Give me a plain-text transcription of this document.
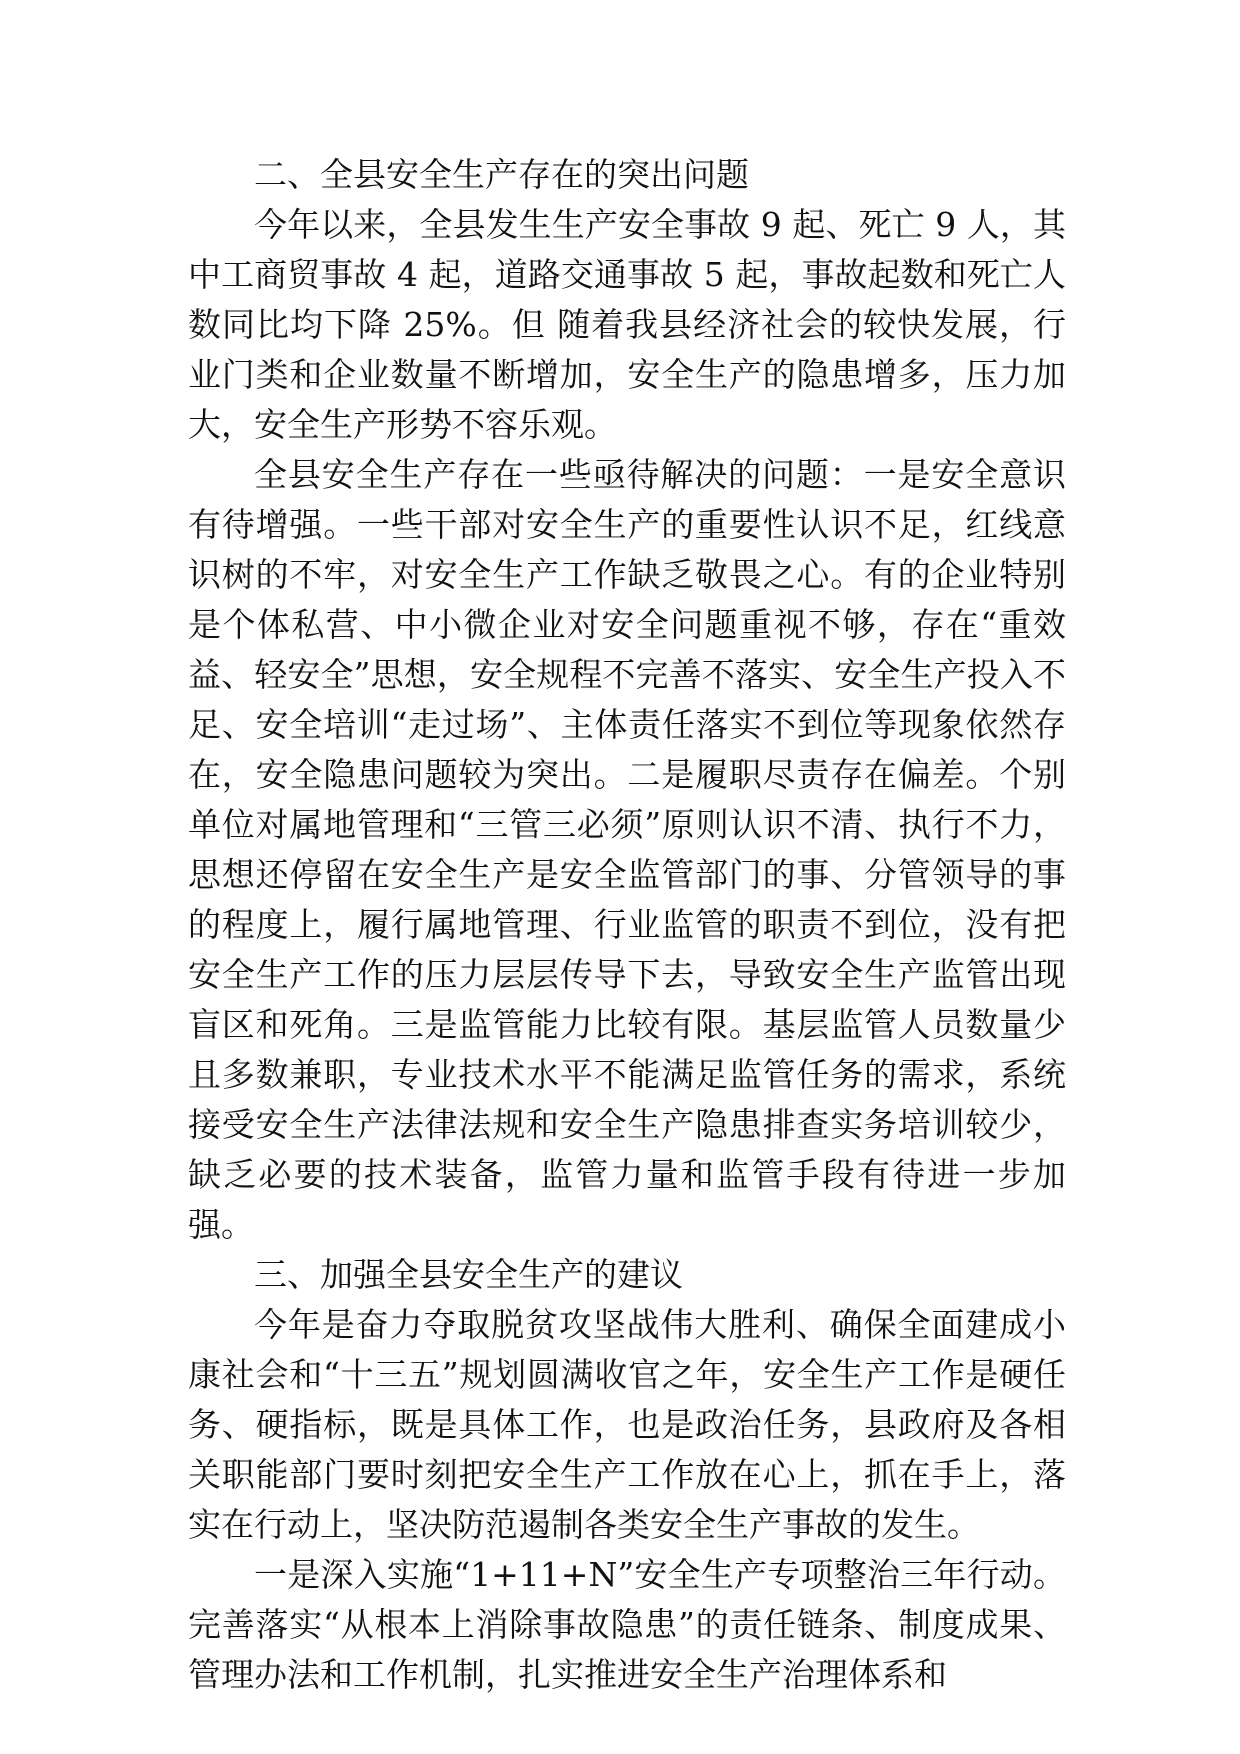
二、全县安全生产存在的突出问题

今年以来，全县发生生产安全事故 9 起、死亡 9 人，其中工商贸事故 4 起，道路交通事故 5 起，事故起数和死亡人数同比均下降 25%。但 随着我县经济社会的较快发展，行业门类和企业数量不断增加，安全生产的隐患增多，压力加大，安全生产形势不容乐观。

全县安全生产存在一些亟待解决的问题：一是安全意识有待增强。一些干部对安全生产的重要性认识不足，红线意识树的不牢，对安全生产工作缺乏敬畏之心。有的企业特别是个体私营、中小微企业对安全问题重视不够，存在“重效益、轻安全”思想，安全规程不完善不落实、安全生产投入不足、安全培训“走过场”、主体责任落实不到位等现象依然存在，安全隐患问题较为突出。二是履职尽责存在偏差。个别单位对属地管理和“三管三必须”原则认识不清、执行不力，思想还停留在安全生产是安全监管部门的事、分管领导的事的程度上，履行属地管理、行业监管的职责不到位，没有把安全生产工作的压力层层传导下去，导致安全生产监管出现盲区和死角。三是监管能力比较有限。基层监管人员数量少且多数兼职，专业技术水平不能满足监管任务的需求，系统接受安全生产法律法规和安全生产隐患排查实务培训较少，缺乏必要的技术装备，监管力量和监管手段有待进一步加强。

三、加强全县安全生产的建议

今年是奋力夺取脱贫攻坚战伟大胜利、确保全面建成小康社会和“十三五”规划圆满收官之年，安全生产工作是硬任务、硬指标，既是具体工作，也是政治任务，县政府及各相关职能部门要时刻把安全生产工作放在心上，抓在手上，落实在行动上，坚决防范遏制各类安全生产事故的发生。

一是深入实施“1+11+N”安全生产专项整治三年行动。完善落实“从根本上消除事故隐患”的责任链条、制度成果、管理办法和工作机制，扎实推进安全生产治理体系和
